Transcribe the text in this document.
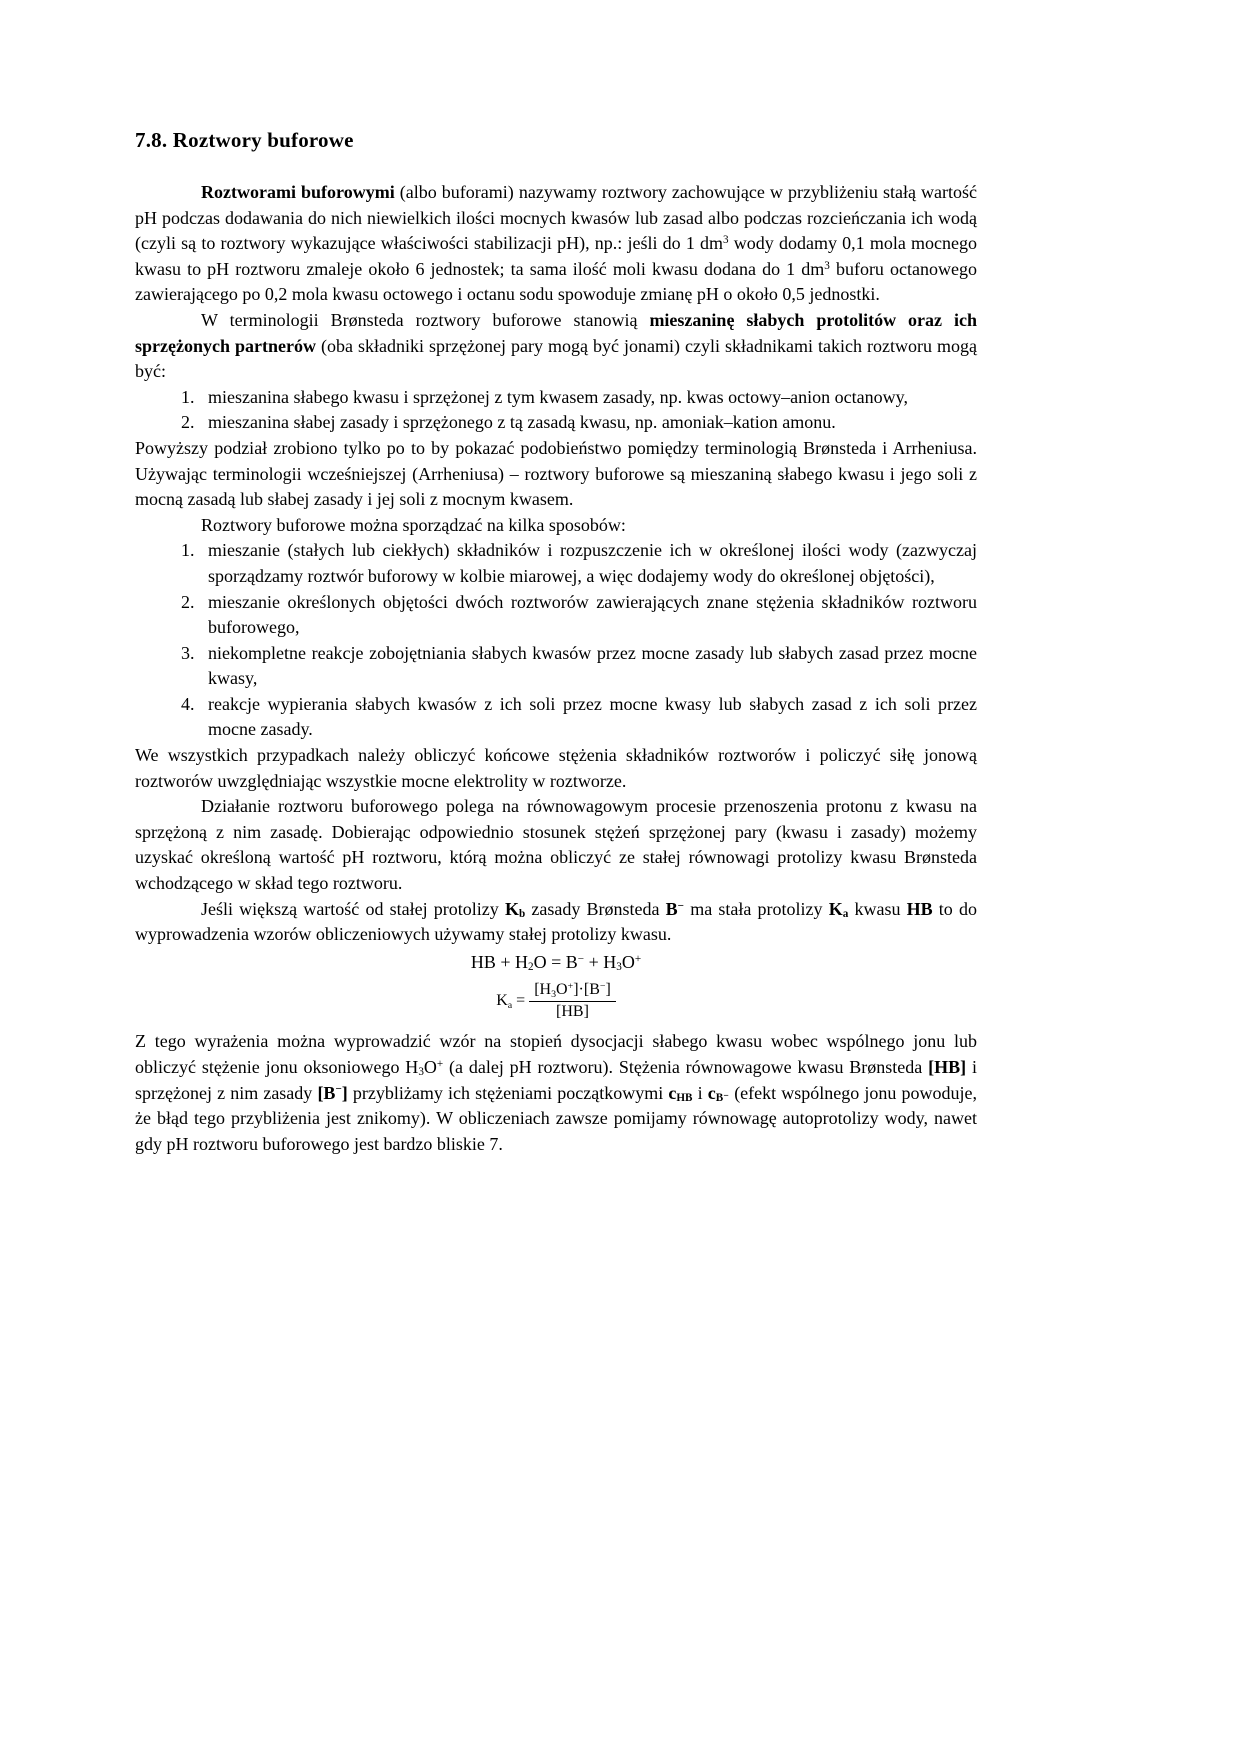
7.8. Roztwory buforowe

Roztworami buforowymi (albo buforami) nazywamy roztwory zachowujące w przybliżeniu stałą wartość pH podczas dodawania do nich niewielkich ilości mocnych kwasów lub zasad albo podczas rozcieńczania ich wodą (czyli są to roztwory wykazujące właściwości stabilizacji pH), np.: jeśli do 1 $dm^3$ wody dodamy 0,1 mola mocnego kwasu to pH roztworu zmaleje około 6 jednostek; ta sama ilość moli kwasu dodana do 1 $dm^3$ buforu octanowego zawierającego po 0,2 mola kwasu octowego i octanu sodu spowoduje zmianę pH o około 0,5 jednostki.

W terminologii Brønsteda roztwory buforowe stanowią mieszaninę słabych protolitów oraz ich sprzężonych partnerów (oba składniki sprzężonej pary mogą być jonami) czyli składnikami takich roztworu mogą być:

1. mieszanina słabego kwasu i sprzężonej z tym kwasem zasady, np. kwas octowy–anion octanowy,
2. mieszanina słabej zasady i sprzężonego z tą zasadą kwasu, np. amoniak–kation amonu.

Powyższy podział zrobiono tylko po to by pokazać podobieństwo pomiędzy terminologią Brønsteda i Arrheniusa. Używając terminologii wcześniejszej (Arrheniusa) – roztwory buforowe są mieszaniną słabego kwasu i jego soli z mocną zasadą lub słabej zasady i jej soli z mocnym kwasem.

Roztwory buforowe można sporządzać na kilka sposobów:

1. mieszanie (stałych lub ciekłych) składników i rozpuszczenie ich w określonej ilości wody (zazwyczaj sporządzamy roztwór buforowy w kolbie miarowej, a więc dodajemy wody do określonej objętości),
2. mieszanie określonych objętości dwóch roztworów zawierających znane stężenia składników roztworu buforowego,
3. niekompletne reakcje zobojętniania słabych kwasów przez mocne zasady lub słabych zasad przez mocne kwasy,
4. reakcje wypierania słabych kwasów z ich soli przez mocne kwasy lub słabych zasad z ich soli przez mocne zasady.

We wszystkich przypadkach należy obliczyć końcowe stężenia składników roztworów i policzyć siłę jonową roztworów uwzględniając wszystkie mocne elektrolity w roztworze.

Działanie roztworu buforowego polega na równowagowym procesie przenoszenia protonu z kwasu na sprzężoną z nim zasadę. Dobierając odpowiednio stosunek stężeń sprzężonej pary (kwasu i zasady) możemy uzyskać określoną wartość pH roztworu, którą można obliczyć ze stałej równowagi protolizy kwasu Brønsteda wchodzącego w skład tego roztworu.

Jeśli większą wartość od stałej protolizy $K_b$ zasady Brønsteda B− ma stała protolizy $K_a$ kwasu HB to do wyprowadzenia wzorów obliczeniowych używamy stałej protolizy kwasu.

HB + $H_2O = B^- + H_3O^+$
$K_a = \frac{[H_3O^+]\cdot[B^-]}{[HB]}$

Z tego wyrażenia można wyprowadzić wzór na stopień dysocjacji słabego kwasu wobec wspólnego jonu lub obliczyć stężenie jonu oksoniowego $H_3O^+$ (a dalej pH roztworu). Stężenia równowagowe kwasu Brønsteda [HB] i sprzężonej z nim zasady [B−] przybliżamy ich stężeniami początkowymi $c_{HB}$ i $c_{B^-}$ (efekt wspólnego jonu powoduje, że błąd tego przybliżenia jest znikomy). W obliczeniach zawsze pomijamy równowagę autoprotolizy wody, nawet gdy pH roztworu buforowego jest bardzo bliskie 7.
